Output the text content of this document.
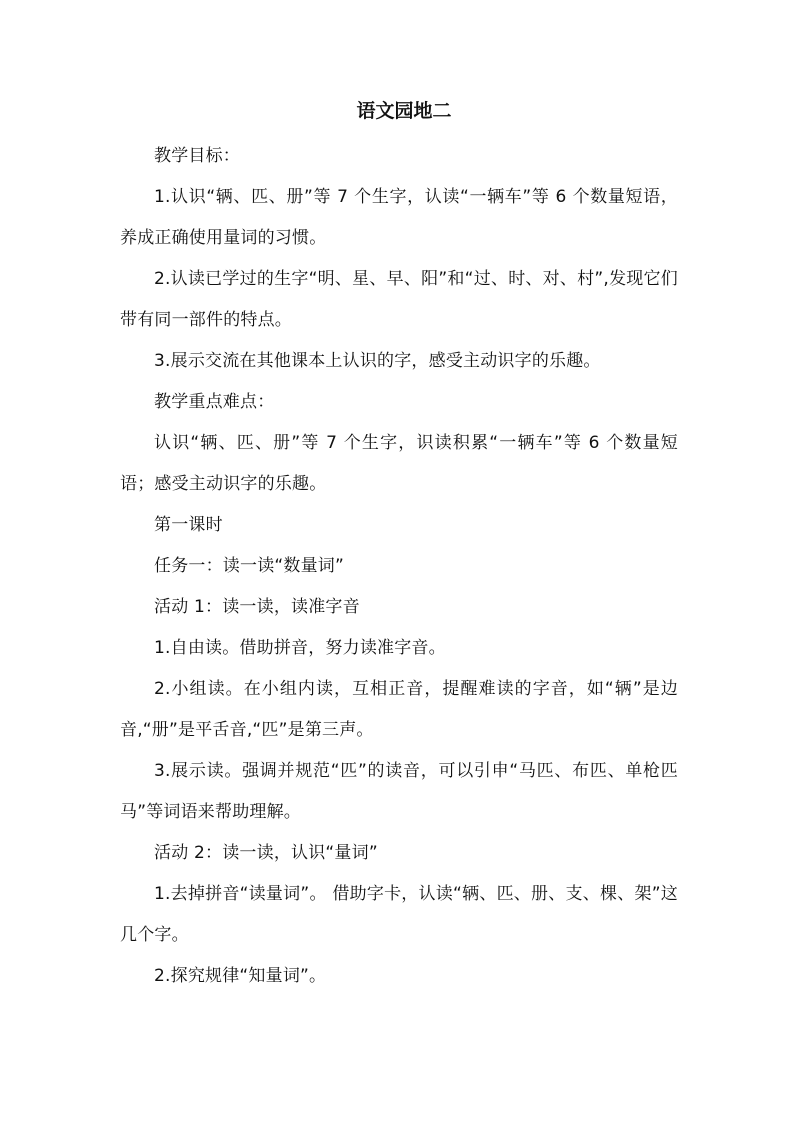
语文园地二

教学目标：

1.认识“辆、匹、册”等 7 个生字，认读“一辆车”等 6 个数量短语，养成正确使用量词的习惯。

2.认读已学过的生字“明、星、早、阳”和“过、时、对、村”,发现它们带有同一部件的特点。

3.展示交流在其他课本上认识的字，感受主动识字的乐趣。

教学重点难点：

认识“辆、匹、册”等 7 个生字，识读积累“一辆车”等 6 个数量短语；感受主动识字的乐趣。

第一课时

任务一：读一读“数量词”

活动 1：读一读，读准字音

1.自由读。借助拼音，努力读准字音。

2.小组读。在小组内读，互相正音，提醒难读的字音，如“辆”是边音,“册”是平舌音,“匹”是第三声。

3.展示读。强调并规范“匹”的读音，可以引申“马匹、布匹、单枪匹马”等词语来帮助理解。

活动 2：读一读，认识“量词”

1.去掉拼音“读量词”。 借助字卡，认读“辆、匹、册、支、棵、架”这几个字。

2.探究规律“知量词”。
